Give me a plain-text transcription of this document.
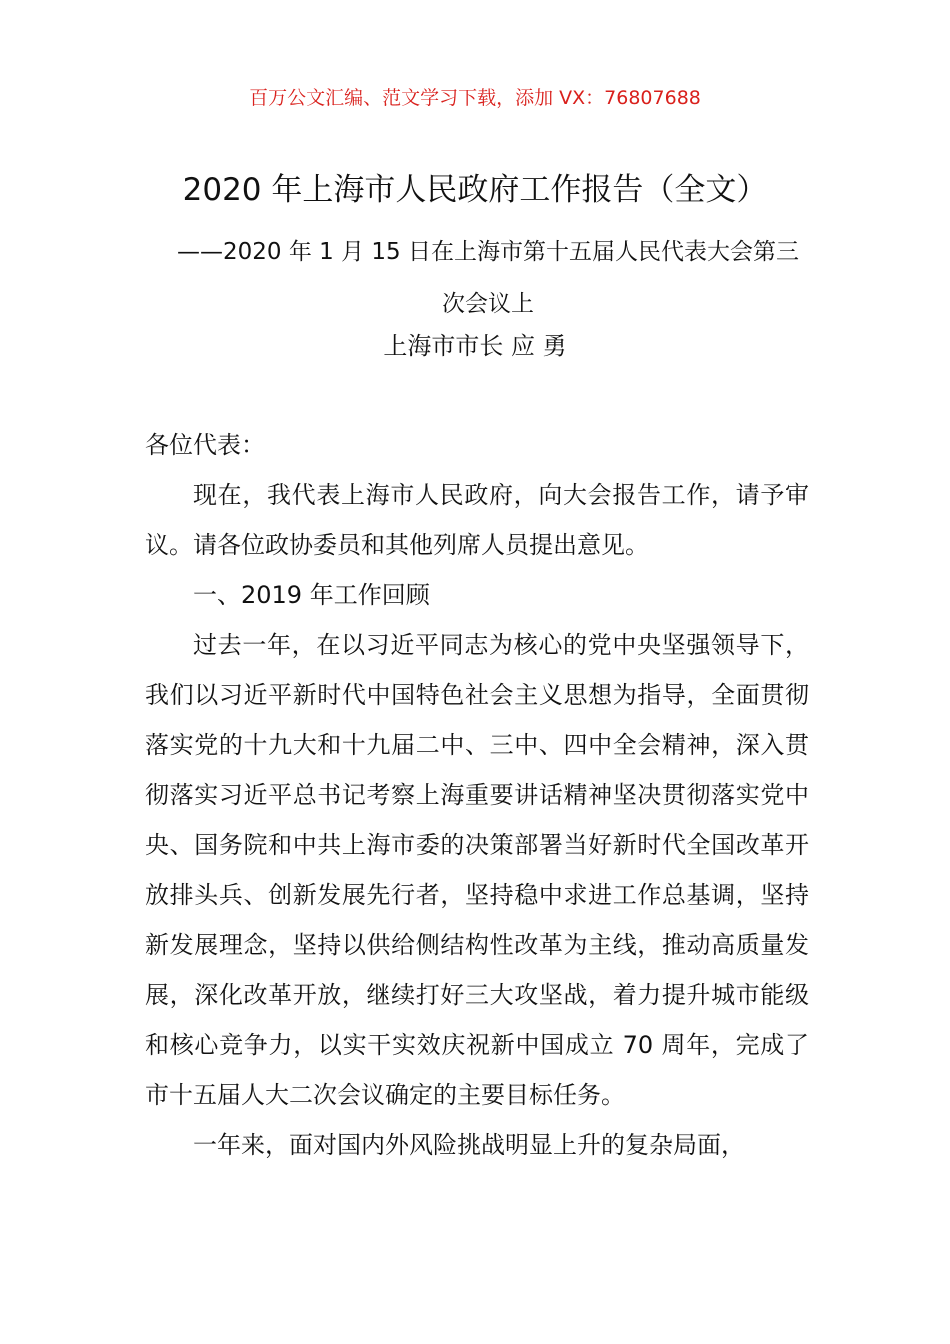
百万公文汇编、范文学习下载，添加 VX：76807688
2020 年上海市人民政府工作报告（全文）
——2020 年 1 月 15 日在上海市第十五届人民代表大会第三次会议上
上海市市长 应 勇
各位代表：

现在，我代表上海市人民政府，向大会报告工作，请予审议。请各位政协委员和其他列席人员提出意见。

一、2019 年工作回顾

过去一年，在以习近平同志为核心的党中央坚强领导下，我们以习近平新时代中国特色社会主义思想为指导，全面贯彻落实党的十九大和十九届二中、三中、四中全会精神，深入贯彻落实习近平总书记考察上海重要讲话精神坚决贯彻落实党中央、国务院和中共上海市委的决策部署当好新时代全国改革开放排头兵、创新发展先行者，坚持稳中求进工作总基调，坚持新发展理念，坚持以供给侧结构性改革为主线，推动高质量发展，深化改革开放，继续打好三大攻坚战，着力提升城市能级和核心竞争力，以实干实效庆祝新中国成立 70 周年，完成了市十五届人大二次会议确定的主要目标任务。

一年来，面对国内外风险挑战明显上升的复杂局面，
